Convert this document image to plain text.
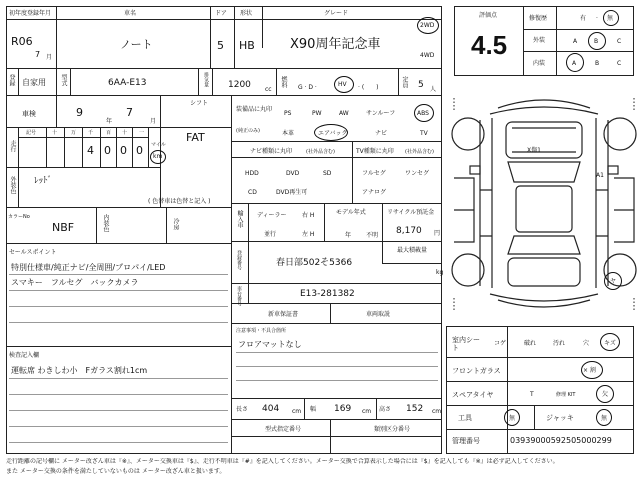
初年度登録年月	車名	ドア 形状	グレード
R06
7 月
ノート	5 HB	X90周年記念車
2WD
4WD
登録 自家用 型式	6AA-E13	排気量 1200 cc
燃料 G · D ·	HV · (　　)	定員 5 人
車検	9
年
7
月
シフト
FAT
走行
記号	十	万 千	百 十 一
4 0 0 0 マイル
km
外装色 ﾚｯﾄﾞ
( 色替車は色替と記入 )
カラーNo
NBF	内装色	冷房
セールスポイント
特別仕様車/純正ナビ/全周囲/プロパイ/LED
スマキー　フルセグ　バックカメラ
検査記入欄
運転席 わきしわ小　Fガラス割れ1cm
装備品に丸印
(純正のみ)
PS	PW	AW	サンルーフ	ABS
本革	エアバック	ナビ	TV
ナビ種類に丸印	(社外品含む)	TV種類に丸印 (社外品含む)
HDD	DVD	SD
CD	DVD再生可
フルセグ	ワンセグ
アナログ
輸入車 ディーラー
並行
右 H
左 H
モデル年式
年 不明
リサイクル預託金
8,170 円
登録番号	春日部502そ5366
最大積載量
kg
車台番号	E13-281382
新車保証書	車両取説
注意事項・不具合箇所
フロアマットなし
長さ 404 cm 幅 169 cm 高さ 152 cm
型式指定番号	類別区分番号
評価点
4.5
修復歴	有 · 無
外装	A	B	C
内装	A	B	C
X傷1
A1
ヤ
室内シート
コゲ	破れ	汚れ	穴 キズ
フロントガラス	× 割
スペアタイヤ	T	修理 KIT	欠
工具	無	ジャッキ	無
管理番号	0393900059250500029​9
走行距離の記号欄に メーター改ざん車は『※』、メーター交換車は『$』、走行不明車は『#』を記入してください。メーター交換で合算表示した場合には『$』を記入しても『※』は必ず記入してください。
また メーター交換の条件を満たしていないものは メーター改ざん車と扱います。
